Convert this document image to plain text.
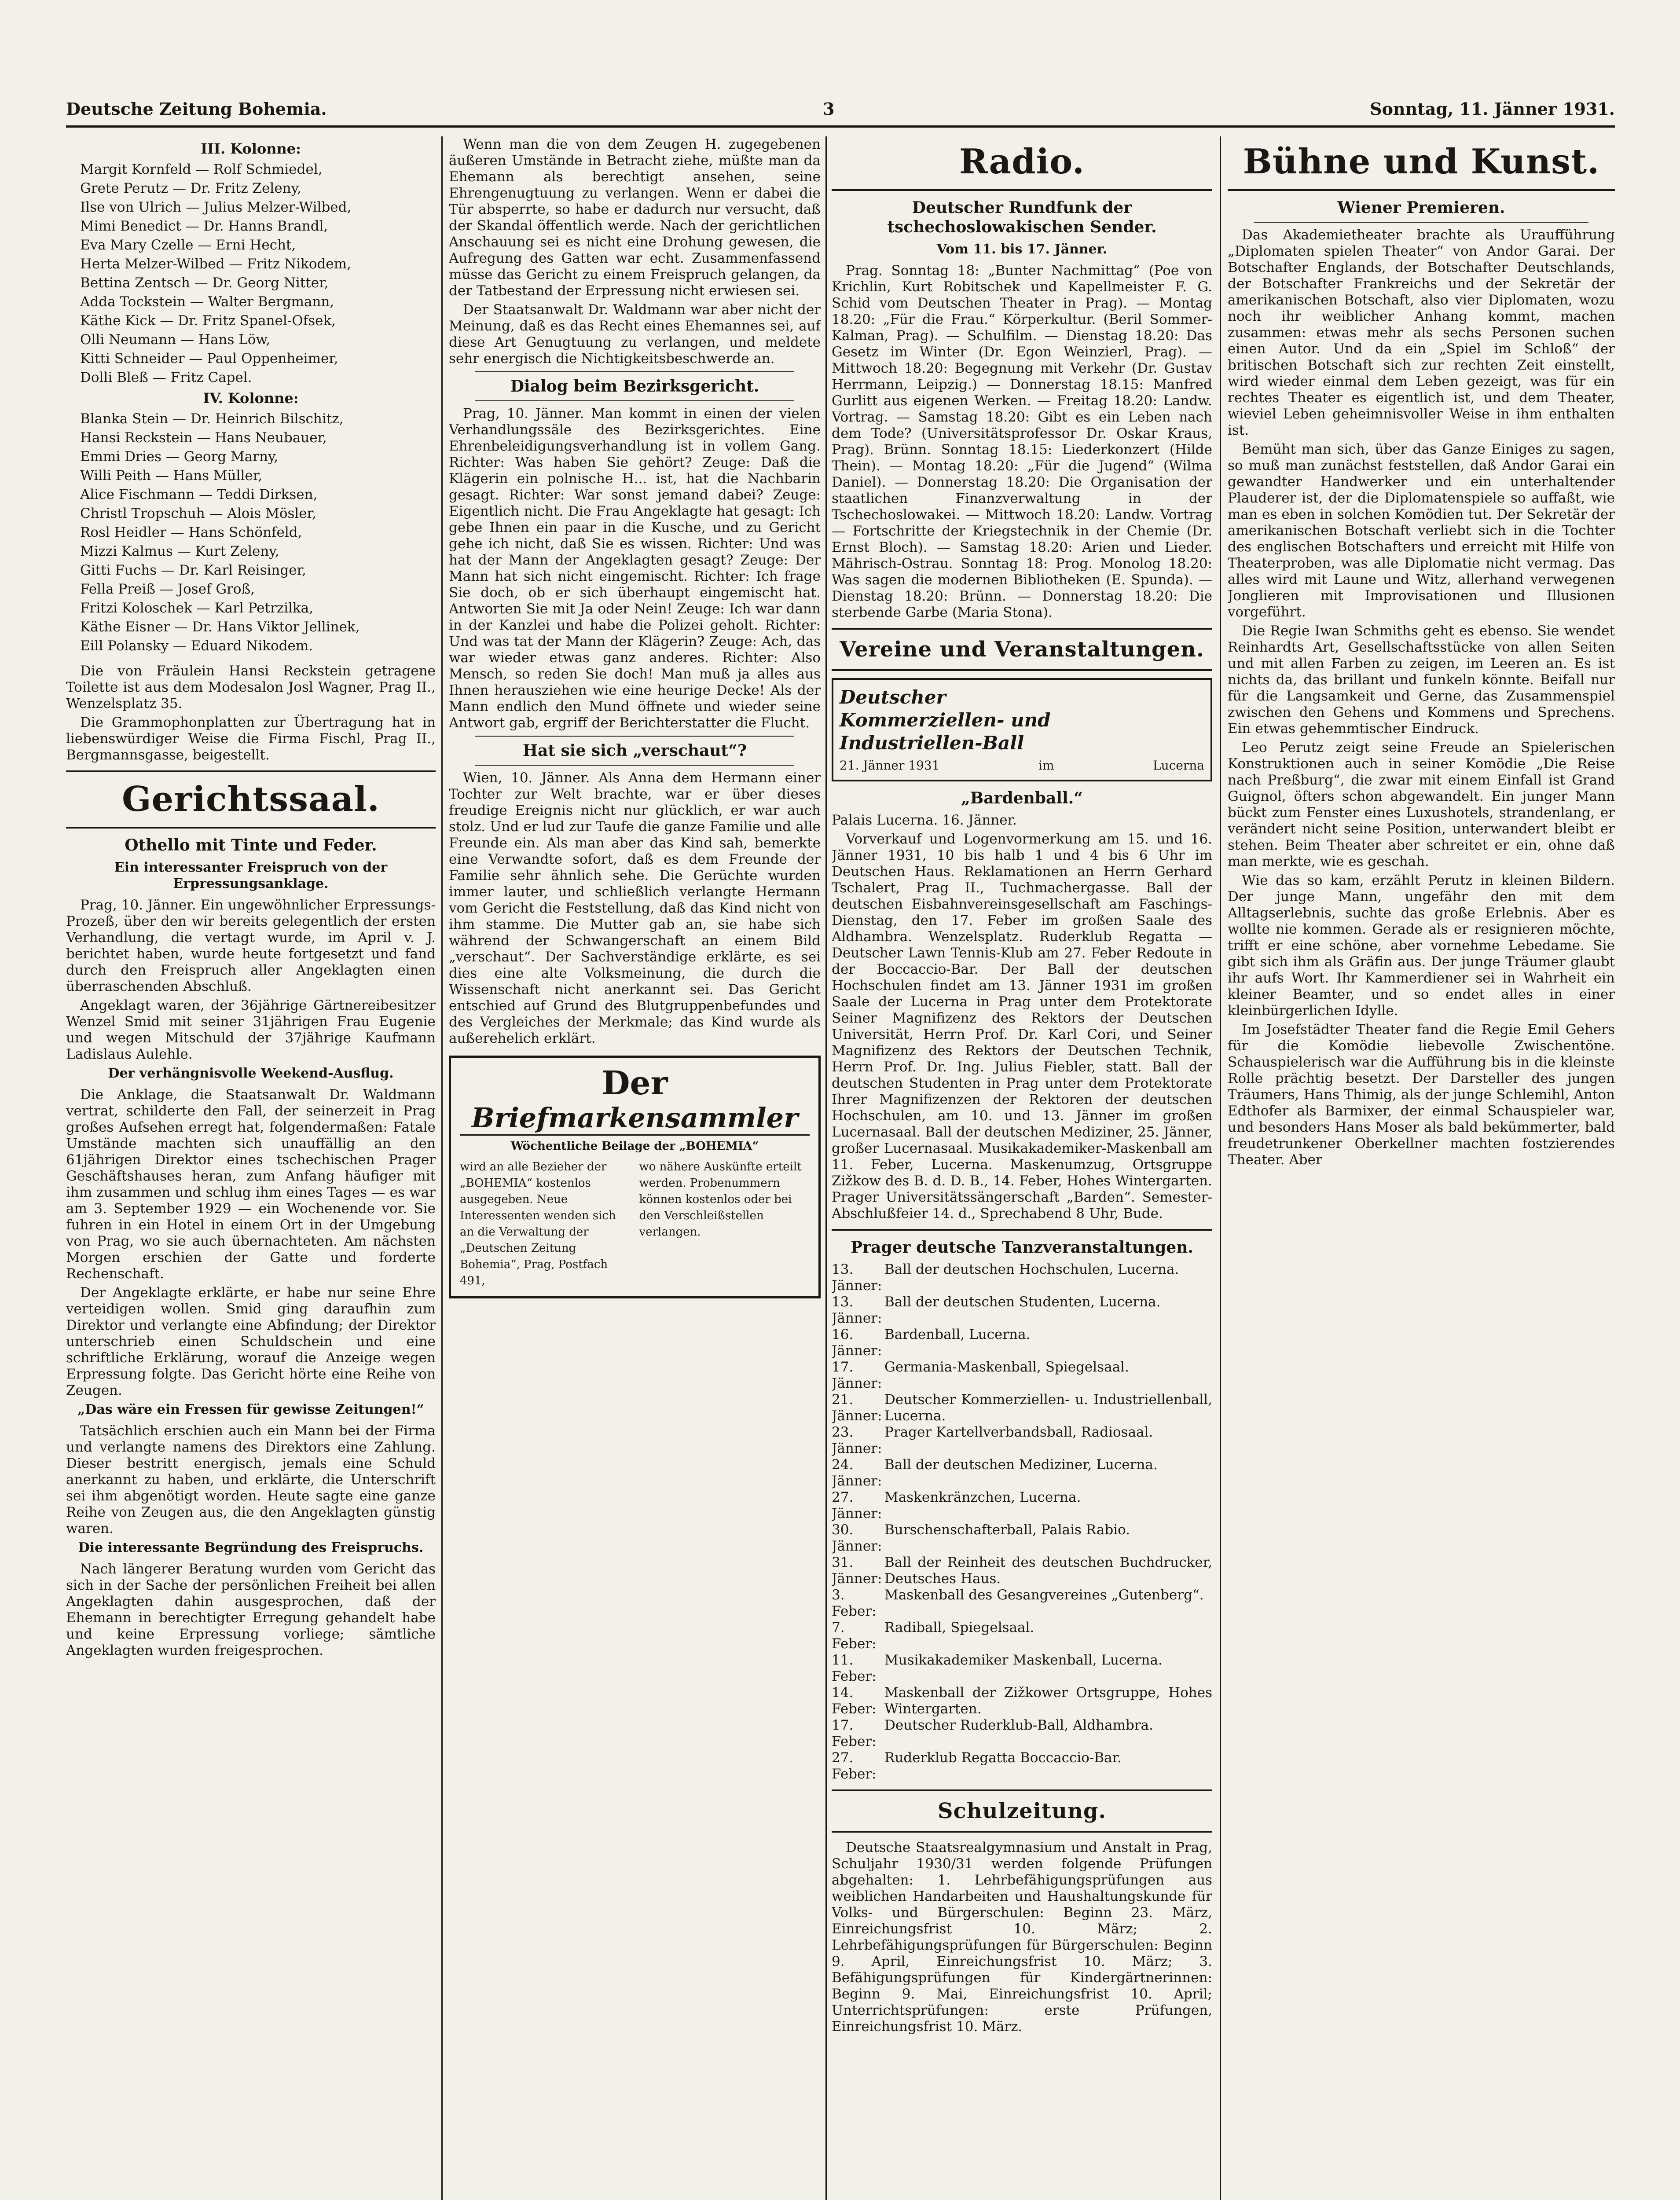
Deutsche Zeitung Bohemia.	3	Sonntag, 11. Jänner 1931.
III. Kolonne:

Margit Kornfeld — Rolf Schmiedel,

Grete Perutz — Dr. Fritz Zeleny,

Ilse von Ulrich — Julius Melzer-Wilbed,

Mimi Benedict — Dr. Hanns Brandl,

Eva Mary Czelle — Erni Hecht,

Herta Melzer-Wilbed — Fritz Nikodem,

Bettina Zentsch — Dr. Georg Nitter,

Adda Tockstein — Walter Bergmann,

Käthe Kick — Dr. Fritz Spanel-Ofsek,

Olli Neumann — Hans Löw,

Kitti Schneider — Paul Oppenheimer,

Dolli Bleß — Fritz Capel.

IV. Kolonne:

Blanka Stein — Dr. Heinrich Bilschitz,

Hansi Reckstein — Hans Neubauer,

Emmi Dries — Georg Marny,

Willi Peith — Hans Müller,

Alice Fischmann — Teddi Dirksen,

Christl Tropschuh — Alois Mösler,

Rosl Heidler — Hans Schönfeld,

Mizzi Kalmus — Kurt Zeleny,

Gitti Fuchs — Dr. Karl Reisinger,

Fella Preiß — Josef Groß,

Fritzi Koloschek — Karl Petrzilka,

Käthe Eisner — Dr. Hans Viktor Jellinek,

Eill Polansky — Eduard Nikodem.

Die von Fräulein Hansi Reckstein getragene Toilette ist aus dem Modesalon Josl Wagner, Prag II., Wenzelsplatz 35.

Die Grammophonplatten zur Übertragung hat in liebenswürdiger Weise die Firma Fischl, Prag II., Bergmannsgasse, beigestellt.

Gerichtssaal.
Othello mit Tinte und Feder.
Ein interessanter Freispruch von der Erpressungsanklage.

Prag, 10. Jänner. Ein ungewöhnlicher Erpressungs-Prozeß, über den wir bereits gelegentlich der ersten Verhandlung, die vertagt wurde, im April v. J. berichtet haben, wurde heute fortgesetzt und fand durch den Freispruch aller Angeklagten einen überraschenden Abschluß.

Angeklagt waren, der 36jährige Gärtnereibesitzer Wenzel Smid mit seiner 31jährigen Frau Eugenie und wegen Mitschuld der 37jährige Kaufmann Ladislaus Aulehle.

Der verhängnisvolle Weekend-Ausflug.

Die Anklage, die Staatsanwalt Dr. Waldmann vertrat, schilderte den Fall, der seinerzeit in Prag großes Aufsehen erregt hat, folgendermaßen: Fatale Umstände machten sich unauffällig an den 61jährigen Direktor eines tschechischen Prager Geschäftshauses heran, zum Anfang häufiger mit ihm zusammen und schlug ihm eines Tages — es war am 3. September 1929 — ein Wochenende vor. Sie fuhren in ein Hotel in einem Ort in der Umgebung von Prag, wo sie auch übernachteten. Am nächsten Morgen erschien der Gatte und forderte Rechenschaft.

Der Angeklagte erklärte, er habe nur seine Ehre verteidigen wollen. Smid ging daraufhin zum Direktor und verlangte eine Abfindung; der Direktor unterschrieb einen Schuldschein und eine schriftliche Erklärung, worauf die Anzeige wegen Erpressung folgte. Das Gericht hörte eine Reihe von Zeugen.

„Das wäre ein Fressen für gewisse Zeitungen!“

Tatsächlich erschien auch ein Mann bei der Firma und verlangte namens des Direktors eine Zahlung. Dieser bestritt energisch, jemals eine Schuld anerkannt zu haben, und erklärte, die Unterschrift sei ihm abgenötigt worden. Heute sagte eine ganze Reihe von Zeugen aus, die den Angeklagten günstig waren.

Die interessante Begründung des Freispruchs.

Nach längerer Beratung wurden vom Gericht das sich in der Sache der persönlichen Freiheit bei allen Angeklagten dahin ausgesprochen, daß der Ehemann in berechtigter Erregung gehandelt habe und keine Erpressung vorliege; sämtliche Angeklagten wurden freigesprochen.

Wenn man die von dem Zeugen H. zugegebenen äußeren Umstände in Betracht ziehe, müßte man da Ehemann als berechtigt ansehen, seine Ehrengenugtuung zu verlangen. Wenn er dabei die Tür absperrte, so habe er dadurch nur versucht, daß der Skandal öffentlich werde. Nach der gerichtlichen Anschauung sei es nicht eine Drohung gewesen, die Aufregung des Gatten war echt. Zusammenfassend müsse das Gericht zu einem Freispruch gelangen, da der Tatbestand der Erpressung nicht erwiesen sei.

Der Staatsanwalt Dr. Waldmann war aber nicht der Meinung, daß es das Recht eines Ehemannes sei, auf diese Art Genugtuung zu verlangen, und meldete sehr energisch die Nichtigkeitsbeschwerde an.

Dialog beim Bezirksgericht.

Prag, 10. Jänner. Man kommt in einen der vielen Verhandlungssäle des Bezirksgerichtes. Eine Ehrenbeleidigungsverhandlung ist in vollem Gang. Richter: Was haben Sie gehört? Zeuge: Daß die Klägerin ein polnische H... ist, hat die Nachbarin gesagt. Richter: War sonst jemand dabei? Zeuge: Eigentlich nicht. Die Frau Angeklagte hat gesagt: Ich gebe Ihnen ein paar in die Kusche, und zu Gericht gehe ich nicht, daß Sie es wissen. Richter: Und was hat der Mann der Angeklagten gesagt? Zeuge: Der Mann hat sich nicht eingemischt. Richter: Ich frage Sie doch, ob er sich überhaupt eingemischt hat. Antworten Sie mit Ja oder Nein! Zeuge: Ich war dann in der Kanzlei und habe die Polizei geholt. Richter: Und was tat der Mann der Klägerin? Zeuge: Ach, das war wieder etwas ganz anderes. Richter: Also Mensch, so reden Sie doch! Man muß ja alles aus Ihnen herausziehen wie eine heurige Decke! Als der Mann endlich den Mund öffnete und wieder seine Antwort gab, ergriff der Berichterstatter die Flucht.

Hat sie sich „verschaut“?

Wien, 10. Jänner. Als Anna dem Hermann einer Tochter zur Welt brachte, war er über dieses freudige Ereignis nicht nur glücklich, er war auch stolz. Und er lud zur Taufe die ganze Familie und alle Freunde ein. Als man aber das Kind sah, bemerkte eine Verwandte sofort, daß es dem Freunde der Familie sehr ähnlich sehe. Die Gerüchte wurden immer lauter, und schließlich verlangte Hermann vom Gericht die Feststellung, daß das Kind nicht von ihm stamme. Die Mutter gab an, sie habe sich während der Schwangerschaft an einem Bild „verschaut“. Der Sachverständige erklärte, es sei dies eine alte Volksmeinung, die durch die Wissenschaft nicht anerkannt sei. Das Gericht entschied auf Grund des Blutgruppenbefundes und des Vergleiches der Merkmale; das Kind wurde als außerehelich erklärt.

Der
Briefmarkensammler
Wöchentliche Beilage der „BOHEMIA“
wird an alle Bezieher der „BOHEMIA“ kostenlos ausgegeben. Neue Interessenten wenden sich an die Verwaltung der „Deutschen Zeitung Bohemia“, Prag, Postfach 491,
wo nähere Auskünfte erteilt werden. Probenummern können kostenlos oder bei den Verschleißstellen verlangen.
Radio.
Deutscher Rundfunk der tschechoslowakischen Sender.
Vom 11. bis 17. Jänner.

Prag. Sonntag 18: „Bunter Nachmittag“ (Poe von Krichlin, Kurt Robitschek und Kapellmeister F. G. Schid vom Deutschen Theater in Prag). — Montag 18.20: „Für die Frau.“ Körperkultur. (Beril Sommer-Kalman, Prag). — Schulfilm. — Dienstag 18.20: Das Gesetz im Winter (Dr. Egon Weinzierl, Prag). — Mittwoch 18.20: Begegnung mit Verkehr (Dr. Gustav Herrmann, Leipzig.) — Donnerstag 18.15: Manfred Gurlitt aus eigenen Werken. — Freitag 18.20: Landw. Vortrag. — Samstag 18.20: Gibt es ein Leben nach dem Tode? (Universitätsprofessor Dr. Oskar Kraus, Prag). Brünn. Sonntag 18.15: Liederkonzert (Hilde Thein). — Montag 18.20: „Für die Jugend“ (Wilma Daniel). — Donnerstag 18.20: Die Organisation der staatlichen Finanzverwaltung in der Tschechoslowakei. — Mittwoch 18.20: Landw. Vortrag — Fortschritte der Kriegstechnik in der Chemie (Dr. Ernst Bloch). — Samstag 18.20: Arien und Lieder. Mährisch-Ostrau. Sonntag 18: Prog. Monolog 18.20: Was sagen die modernen Bibliotheken (E. Spunda). — Dienstag 18.20: Brünn. — Donnerstag 18.20: Die sterbende Garbe (Maria Stona).

Vereine und Veranstaltungen.
Deutscher
Kommerziellen- und
Industriellen-Ball
21. Jänner 1931	im	Lucerna
„Bardenball.“

Palais Lucerna. 16. Jänner.

Vorverkauf und Logenvormerkung am 15. und 16. Jänner 1931, 10 bis halb 1 und 4 bis 6 Uhr im Deutschen Haus. Reklamationen an Herrn Gerhard Tschalert, Prag II., Tuchmachergasse. Ball der deutschen Eisbahnvereinsgesellschaft am Faschings-Dienstag, den 17. Feber im großen Saale des Aldhambra. Wenzelsplatz. Ruderklub Regatta — Deutscher Lawn Tennis-Klub am 27. Feber Redoute in der Boccaccio-Bar. Der Ball der deutschen Hochschulen findet am 13. Jänner 1931 im großen Saale der Lucerna in Prag unter dem Protektorate Seiner Magnifizenz des Rektors der Deutschen Universität, Herrn Prof. Dr. Karl Cori, und Seiner Magnifizenz des Rektors der Deutschen Technik, Herrn Prof. Dr. Ing. Julius Fiebler, statt. Ball der deutschen Studenten in Prag unter dem Protektorate Ihrer Magnifizenzen der Rektoren der deutschen Hochschulen, am 10. und 13. Jänner im großen Lucernasaal. Ball der deutschen Mediziner, 25. Jänner, großer Lucernasaal. Musikakademiker-Maskenball am 11. Feber, Lucerna. Maskenumzug, Ortsgruppe Zižkow des B. d. D. B., 14. Feber, Hohes Wintergarten. Prager Universitätssängerschaft „Barden“. Semester-Abschlußfeier 14. d., Sprechabend 8 Uhr, Bude.

Prager deutsche Tanzveranstaltungen.
13. Jänner:
Ball der deutschen Hochschulen, Lucerna.
13. Jänner:
Ball der deutschen Studenten, Lucerna.
16. Jänner:
Bardenball, Lucerna.
17. Jänner:
Germania-Maskenball, Spiegelsaal.
21. Jänner:
Deutscher Kommerziellen- u. Industriellenball, Lucerna.
23. Jänner:
Prager Kartellverbandsball, Radiosaal.
24. Jänner:
Ball der deutschen Mediziner, Lucerna.
27. Jänner:
Maskenkränzchen, Lucerna.
30. Jänner:
Burschenschafterball, Palais Rabio.
31. Jänner:
Ball der Reinheit des deutschen Buchdrucker, Deutsches Haus.
3. Feber:
Maskenball des Gesangvereines „Gutenberg“.
7. Feber:
Radiball, Spiegelsaal.
11. Feber:
Musikakademiker Maskenball, Lucerna.
14. Feber:
Maskenball der Zižkower Ortsgruppe, Hohes Wintergarten.
17. Feber:
Deutscher Ruderklub-Ball, Aldhambra.
27. Feber:
Ruderklub Regatta Boccaccio-Bar.
Schulzeitung.

Deutsche Staatsrealgymnasium und Anstalt in Prag, Schuljahr 1930/31 werden folgende Prüfungen abgehalten: 1. Lehrbefähigungsprüfungen aus weiblichen Handarbeiten und Haushaltungskunde für Volks- und Bürgerschulen: Beginn 23. März, Einreichungsfrist 10. März; 2. Lehrbefähigungsprüfungen für Bürgerschulen: Beginn 9. April, Einreichungsfrist 10. März; 3. Befähigungsprüfungen für Kindergärtnerinnen: Beginn 9. Mai, Einreichungsfrist 10. April; Unterrichtsprüfungen: erste Prüfungen, Einreichungsfrist 10. März.

Bühne und Kunst.
Wiener Premieren.

Das Akademietheater brachte als Uraufführung „Diplomaten spielen Theater“ von Andor Garai. Der Botschafter Englands, der Botschafter Deutschlands, der Botschafter Frankreichs und der Sekretär der amerikanischen Botschaft, also vier Diplomaten, wozu noch ihr weiblicher Anhang kommt, machen zusammen: etwas mehr als sechs Personen suchen einen Autor. Und da ein „Spiel im Schloß“ der britischen Botschaft sich zur rechten Zeit einstellt, wird wieder einmal dem Leben gezeigt, was für ein rechtes Theater es eigentlich ist, und dem Theater, wieviel Leben geheimnisvoller Weise in ihm enthalten ist.

Bemüht man sich, über das Ganze Einiges zu sagen, so muß man zunächst feststellen, daß Andor Garai ein gewandter Handwerker und ein unterhaltender Plauderer ist, der die Diplomatenspiele so auffaßt, wie man es eben in solchen Komödien tut. Der Sekretär der amerikanischen Botschaft verliebt sich in die Tochter des englischen Botschafters und erreicht mit Hilfe von Theaterproben, was alle Diplomatie nicht vermag. Das alles wird mit Laune und Witz, allerhand verwegenen Jonglieren mit Improvisationen und Illusionen vorgeführt.

Die Regie Iwan Schmiths geht es ebenso. Sie wendet Reinhardts Art, Gesellschaftsstücke von allen Seiten und mit allen Farben zu zeigen, im Leeren an. Es ist nichts da, das brillant und funkeln könnte. Beifall nur für die Langsamkeit und Gerne, das Zusammenspiel zwischen den Gehens und Kommens und Sprechens. Ein etwas gehemmtischer Eindruck.

Leo Perutz zeigt seine Freude an Spielerischen Konstruktionen auch in seiner Komödie „Die Reise nach Preßburg“, die zwar mit einem Einfall ist Grand Guignol, öfters schon abgewandelt. Ein junger Mann bückt zum Fenster eines Luxushotels, strandenlang, er verändert nicht seine Position, unterwandert bleibt er stehen. Beim Theater aber schreitet er ein, ohne daß man merkte, wie es geschah.

Wie das so kam, erzählt Perutz in kleinen Bildern. Der junge Mann, ungefähr den mit dem Alltagserlebnis, suchte das große Erlebnis. Aber es wollte nie kommen. Gerade als er resignieren möchte, trifft er eine schöne, aber vornehme Lebedame. Sie gibt sich ihm als Gräfin aus. Der junge Träumer glaubt ihr aufs Wort. Ihr Kammerdiener sei in Wahrheit ein kleiner Beamter, und so endet alles in einer kleinbürgerlichen Idylle.

Im Josefstädter Theater fand die Regie Emil Gehers für die Komödie liebevolle Zwischentöne. Schauspielerisch war die Aufführung bis in die kleinste Rolle prächtig besetzt. Der Darsteller des jungen Träumers, Hans Thimig, als der junge Schlemihl, Anton Edthofer als Barmixer, der einmal Schauspieler war, und besonders Hans Moser als bald bekümmerter, bald freudetrunkener Oberkellner machten fostzierendes Theater. Aber
